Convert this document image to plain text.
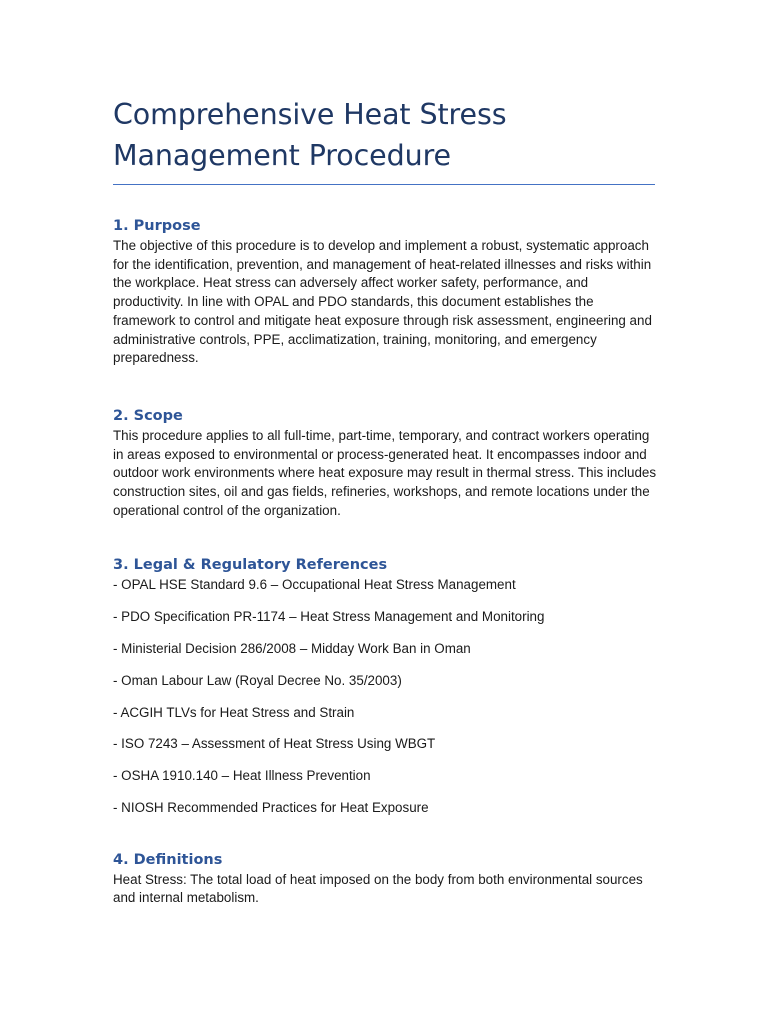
Comprehensive Heat Stress
Management Procedure
1. Purpose

The objective of this procedure is to develop and implement a robust, systematic approach for the identification, prevention, and management of heat-related illnesses and risks within the workplace. Heat stress can adversely affect worker safety, performance, and productivity. In line with OPAL and PDO standards, this document establishes the framework to control and mitigate heat exposure through risk assessment, engineering and administrative controls, PPE, acclimatization, training, monitoring, and emergency preparedness.

2. Scope

This procedure applies to all full-time, part-time, temporary, and contract workers operating in areas exposed to environmental or process-generated heat. It encompasses indoor and outdoor work environments where heat exposure may result in thermal stress. This includes construction sites, oil and gas fields, refineries, workshops, and remote locations under the operational control of the organization.

3. Legal & Regulatory References
- OPAL HSE Standard 9.6 – Occupational Heat Stress Management
- PDO Specification PR-1174 – Heat Stress Management and Monitoring
- Ministerial Decision 286/2008 – Midday Work Ban in Oman
- Oman Labour Law (Royal Decree No. 35/2003)
- ACGIH TLVs for Heat Stress and Strain
- ISO 7243 – Assessment of Heat Stress Using WBGT
- OSHA 1910.140 – Heat Illness Prevention
- NIOSH Recommended Practices for Heat Exposure
4. Definitions

Heat Stress: The total load of heat imposed on the body from both environmental sources and internal metabolism.
